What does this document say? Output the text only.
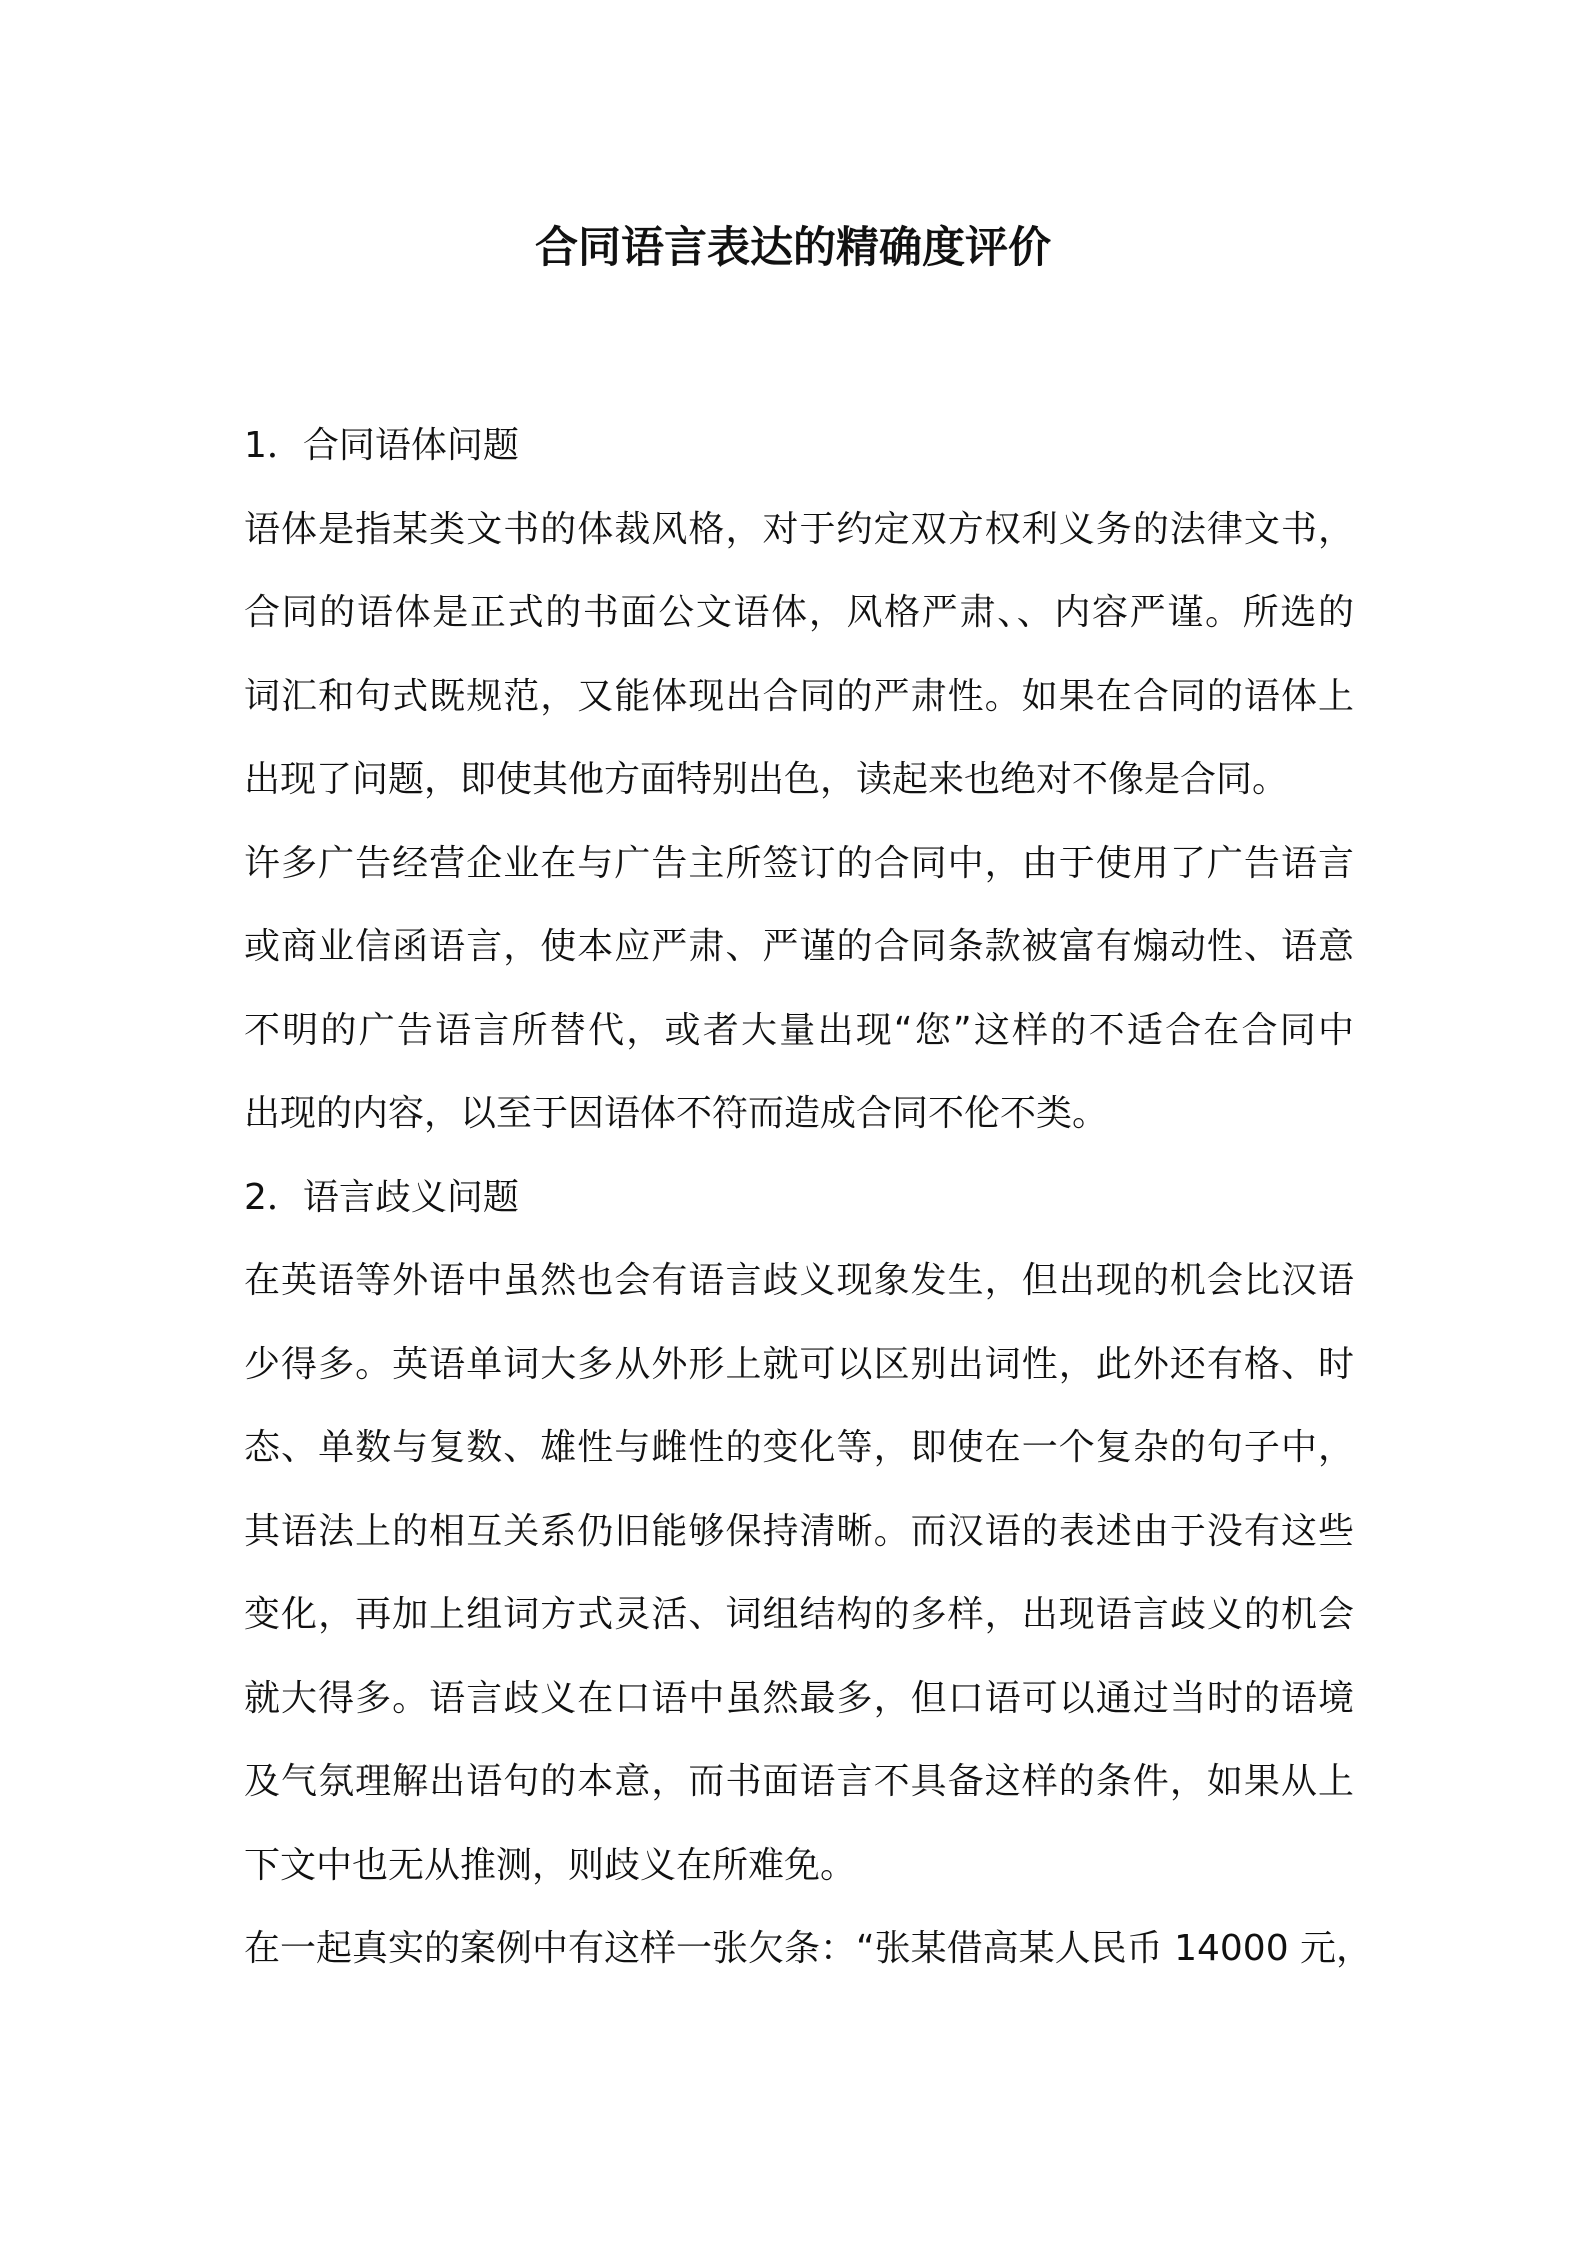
合同语言表达的精确度评价
1．合同语体问题
语体是指某类文书的体裁风格，对于约定双方权利义务的法律文书，
合同的语体是正式的书面公文语体，风格严肃、、内容严谨。所选的
词汇和句式既规范，又能体现出合同的严肃性。如果在合同的语体上
出现了问题，即使其他方面特别出色，读起来也绝对不像是合同。
许多广告经营企业在与广告主所签订的合同中，由于使用了广告语言
或商业信函语言，使本应严肃、严谨的合同条款被富有煽动性、语意
不明的广告语言所替代，或者大量出现“您”这样的不适合在合同中
出现的内容，以至于因语体不符而造成合同不伦不类。
2．语言歧义问题
在英语等外语中虽然也会有语言歧义现象发生，但出现的机会比汉语
少得多。英语单词大多从外形上就可以区别出词性，此外还有格、时
态、单数与复数、雄性与雌性的变化等，即使在一个复杂的句子中，
其语法上的相互关系仍旧能够保持清晰。而汉语的表述由于没有这些
变化，再加上组词方式灵活、词组结构的多样，出现语言歧义的机会
就大得多。语言歧义在口语中虽然最多，但口语可以通过当时的语境
及气氛理解出语句的本意，而书面语言不具备这样的条件，如果从上
下文中也无从推测，则歧义在所难免。
在一起真实的案例中有这样一张欠条：“张某借高某人民币 14000 元，
